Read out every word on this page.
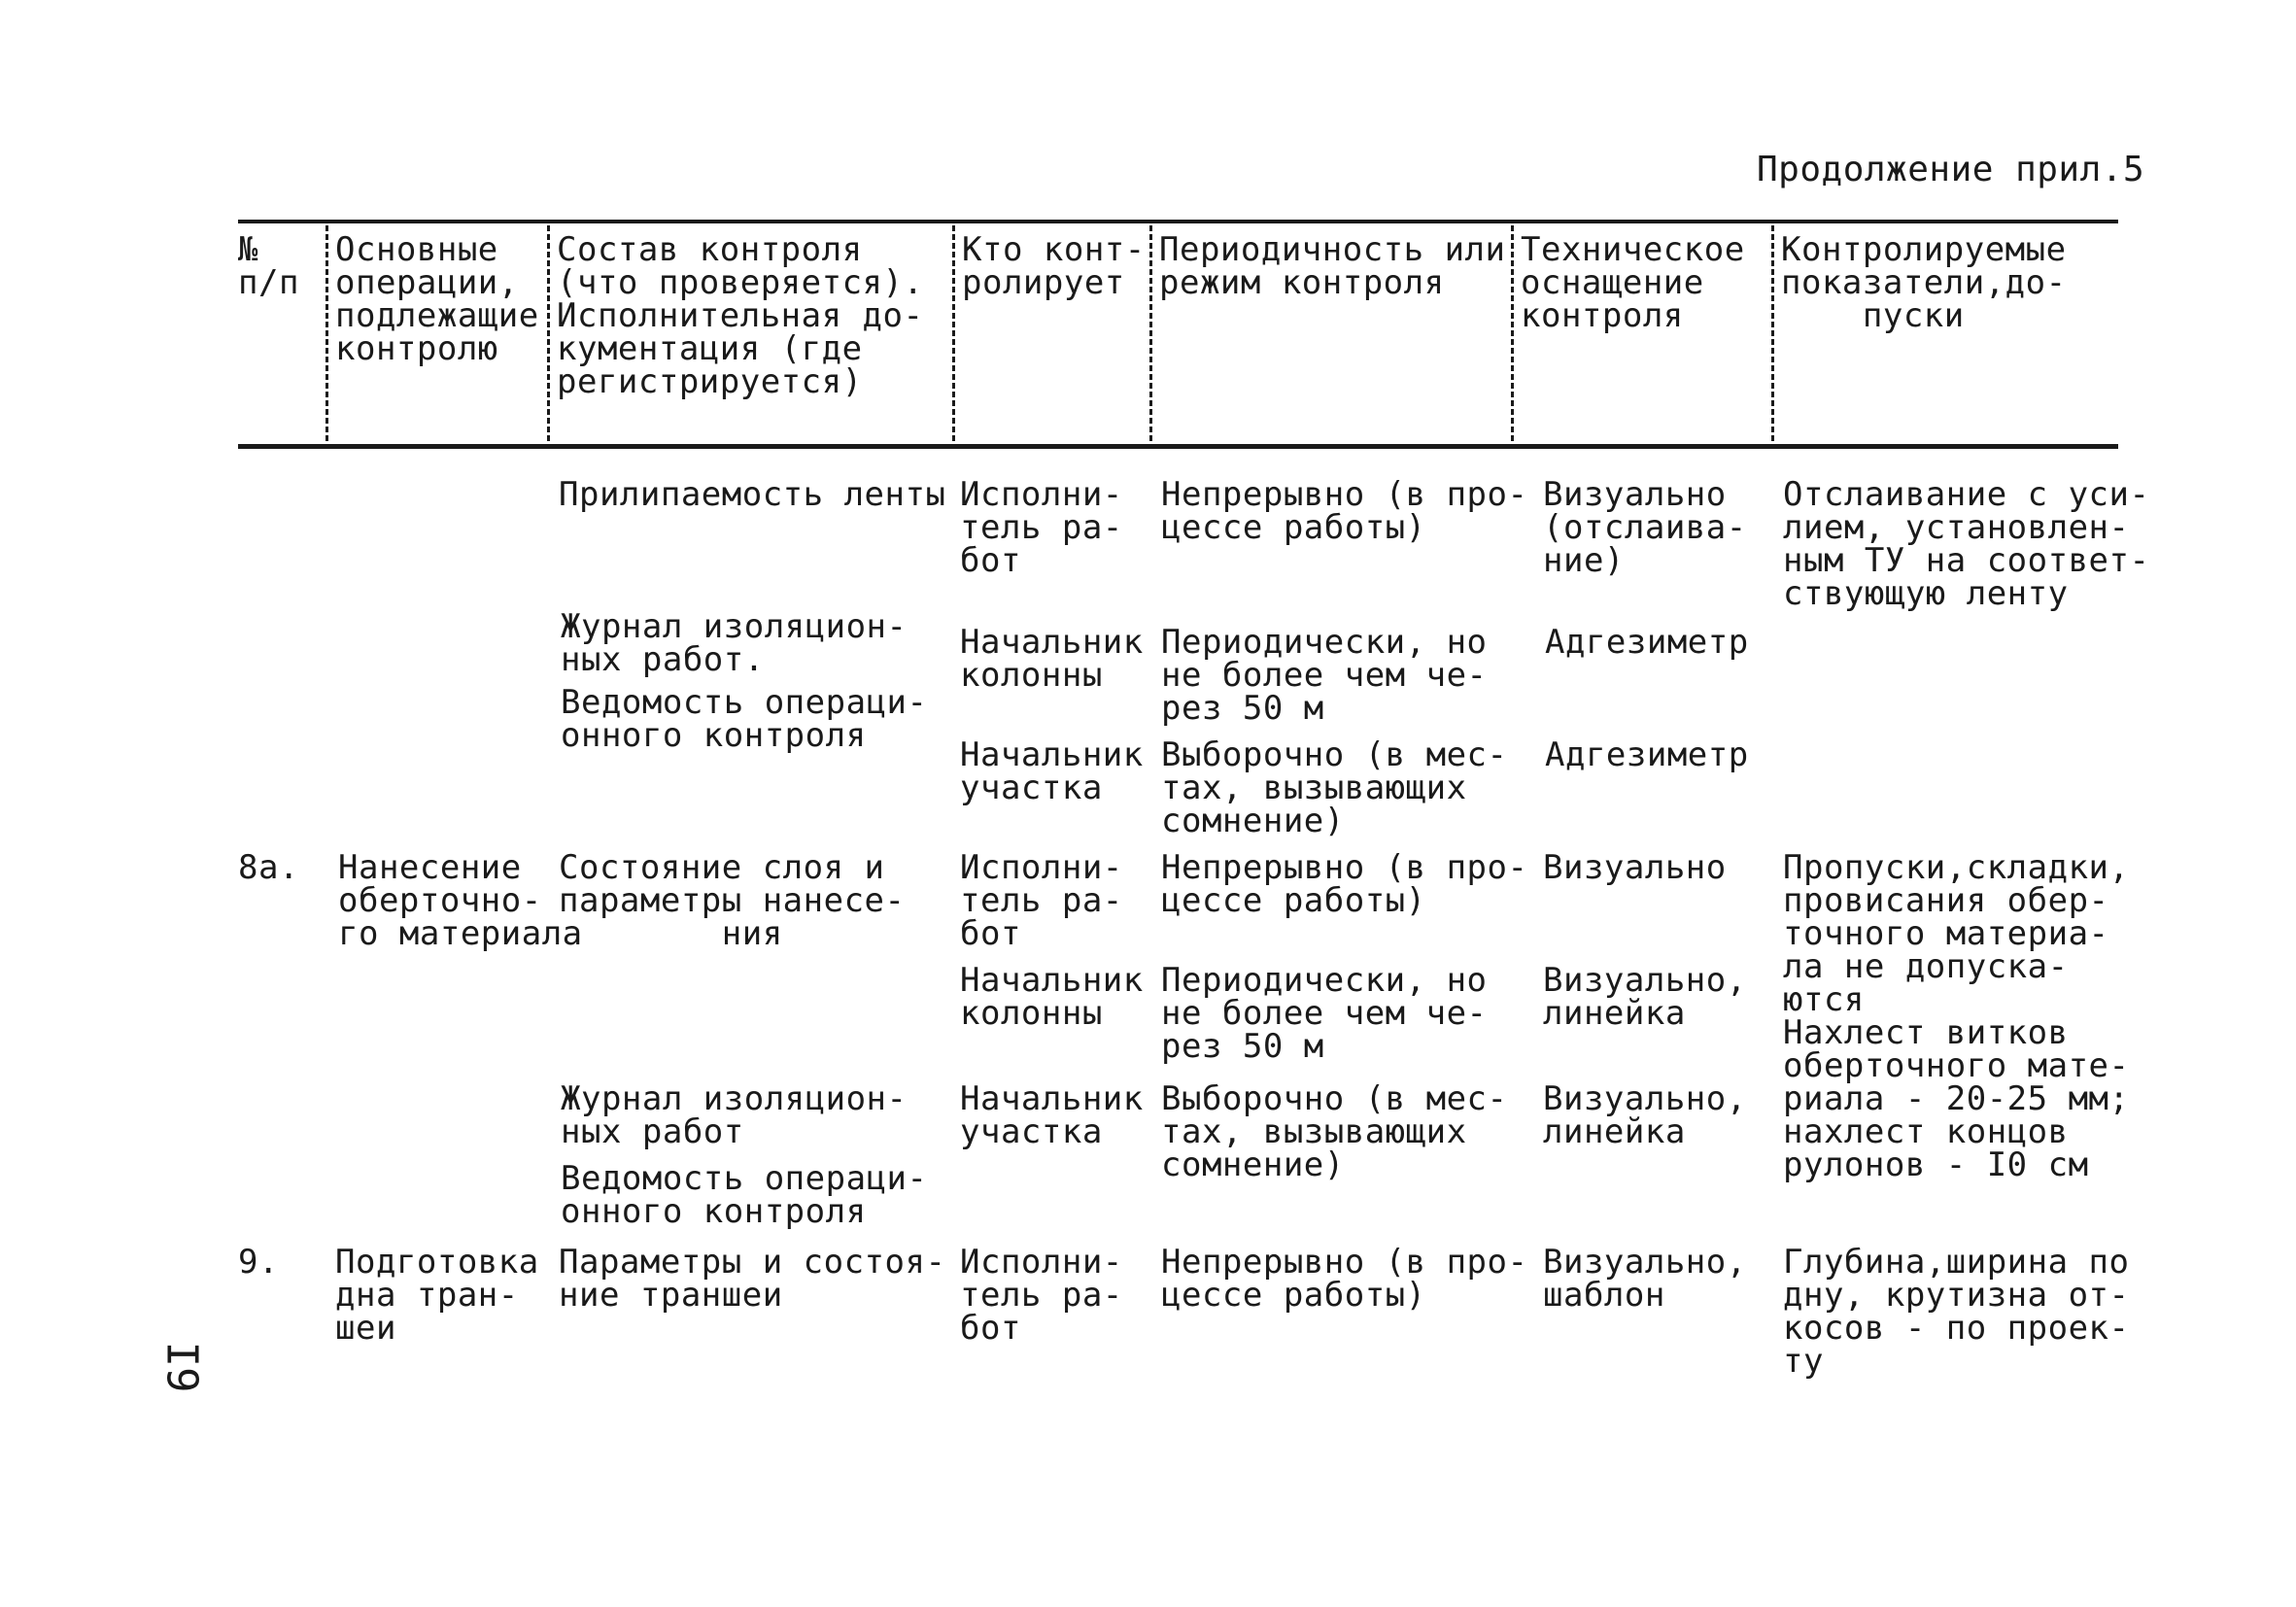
Продолжение прил.5
№
п/п
Основные
операции,
подлежащие
контролю
Состав контроля
(что проверяется).
Исполнительная до-
кументация (где
регистрируется)
Кто конт-
ролирует
Периодичность или
режим контроля
Техническое
оснащение
контроля
Контролируемые
показатели,до-
пуски
Прилипаемость ленты Исполни-
тель ра-
бот
Непрерывно (в про-
цессе работы)
Визуально
(отслаива-
ние)
Отслаивание с уси-
лием, установлен-
ным ТУ на соответ-
ствующую ленту
Журнал изоляцион-
ных работ.
Ведомость операци-
онного контроля
Начальник
колонны
Периодически, но
не более чем че-
рез 50 м
Адгезиметр
Начальник
участка
Выборочно (в мес-
тах, вызывающих
сомнение)
Адгезиметр
8а. Нанесение
оберточно-
го материала
Состояние слоя и
параметры нанесе-
ния
Исполни-
тель ра-
бот
Непрерывно (в про-
цессе работы)
Визуально Пропуски,складки,
провисания обер-
точного материа-
ла не допуска-
ются
Нахлест витков
оберточного мате-
риала - 20-25 мм;
нахлест концов
рулонов - I0 см
Начальник
колонны
Периодически, но
не более чем че-
рез 50 м
Визуально,
линейка
Журнал изоляцион-
ных работ
Ведомость операци-
онного контроля
Начальник
участка
Выборочно (в мес-
тах, вызывающих
сомнение)
Визуально,
линейка
9. Подготовка
дна тран-
шеи
Параметры и состоя-
ние траншеи
Исполни-
тель ра-
бот
Непрерывно (в про-
цессе работы)
Визуально,
шаблон
Глубина,ширина по
дну, крутизна от-
косов - по проек-
ту
I9
